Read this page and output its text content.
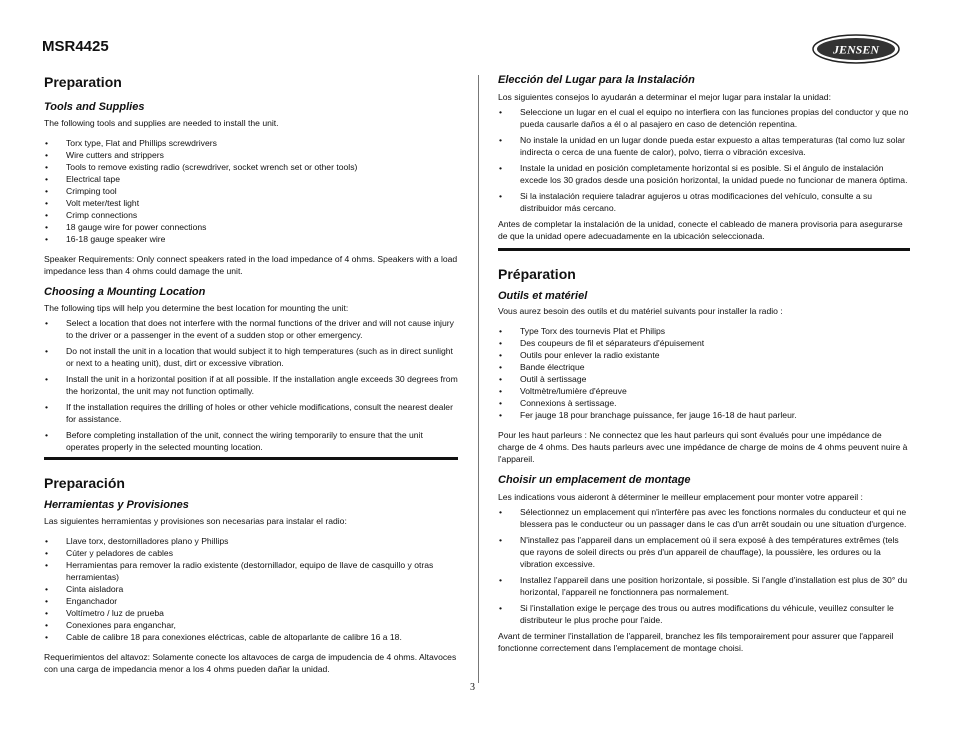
MSR4425	JENSEN
Preparation
Tools and Supplies

The following tools and supplies are needed to install the unit.

• Torx type, Flat and Phillips screwdrivers
• Wire cutters and strippers
• Tools to remove existing radio (screwdriver, socket wrench set or other tools)
• Electrical tape
• Crimping tool
• Volt meter/test light
• Crimp connections
• 18 gauge wire for power connections
• 16-18 gauge speaker wire

Speaker Requirements: Only connect speakers rated in the load impedance of 4 ohms. Speakers with a load impedance less than 4 ohms could damage the unit.

Choosing a Mounting Location

The following tips will help you determine the best location for mounting the unit:

• Select a location that does not interfere with the normal functions of the driver and will not cause injury to the driver or a passenger in the event of a sudden stop or other emergency.
• Do not install the unit in a location that would subject it to high temperatures (such as in direct sunlight or next to a heating unit), dust, dirt or excessive vibration.
• Install the unit in a horizontal position if at all possible. If the installation angle exceeds 30 degrees from the horizontal, the unit may not function optimally.
• If the installation requires the drilling of holes or other vehicle modifications, consult the nearest dealer for assistance.
• Before completing installation of the unit, connect the wiring temporarily to ensure that the unit operates properly in the selected mounting location.
Preparación
Herramientas y Provisiones

Las siguientes herramientas y provisiones son necesarias para instalar el radio:

• Llave torx, destornilladores plano y Phillips
• Cúter y peladores de cables
• Herramientas para remover la radio existente (destornillador, equipo de llave de casquillo y otras herramientas)
• Cinta aisladora
• Enganchador
• Voltímetro / luz de prueba
• Conexiones para enganchar,
• Cable de calibre 18 para conexiones eléctricas, cable de altoparlante de calibre 16 a 18.

Requerimientos del altavoz: Solamente conecte los altavoces de carga de impudencia de 4 ohms. Altavoces con una carga de impedancia menor a los 4 ohms pueden dañar la unidad.

Elección del Lugar para la Instalación

Los siguientes consejos lo ayudarán a determinar el mejor lugar para instalar la unidad:

• Seleccione un lugar en el cual el equipo no interfiera con las funciones propias del conductor y que no pueda causarle daños a él o al pasajero en caso de detención repentina.
• No instale la unidad en un lugar donde pueda estar expuesto a altas temperaturas (tal como luz solar indirecta o cerca de una fuente de calor), polvo, tierra o vibración excesiva.
• Instale la unidad en posición completamente horizontal si es posible. Si el ángulo de instalación excede los 30 grados desde una posición horizontal, la unidad puede no funcionar de manera óptima.
• Si la instalación requiere taladrar agujeros u otras modificaciones del vehículo, consulte a su distribuidor más cercano.

Antes de completar la instalación de la unidad, conecte el cableado de manera provisoria para asegurarse de que la unidad opere adecuadamente en la ubicación seleccionada.

Préparation
Outils et matériel

Vous aurez besoin des outils et du matériel suivants pour installer la radio :

• Type Torx des tournevis Plat et Philips
• Des coupeurs de fil et séparateurs d'épuisement
• Outils pour enlever la radio existante
• Bande électrique
• Outil à sertissage
• Voltmètre/lumière d'épreuve
• Connexions à sertissage.
• Fer jauge 18 pour branchage puissance, fer jauge 16-18 de haut parleur.

Pour les haut parleurs : Ne connectez que les haut parleurs qui sont évalués pour une impédance de charge de 4 ohms. Des hauts parleurs avec une impédance de charge de moins de 4 ohms peuvent nuire à l'appareil.

Choisir un emplacement de montage

Les indications vous aideront à déterminer le meilleur emplacement pour monter votre appareil :

• Sélectionnez un emplacement qui n'interfère pas avec les fonctions normales du conducteur et qui ne blessera pas le conducteur ou un passager dans le cas d'un arrêt soudain ou une situation d'urgence.
• N'installez pas l'appareil dans un emplacement où il sera exposé à des températures extrêmes (tels que rayons de soleil directs ou près d'un appareil de chauffage), la poussière, les ordures ou la vibration excessive.
• Installez l'appareil dans une position horizontale, si possible. Si l'angle d'installation est plus de 30° du horizontal, l'appareil ne fonctionnera pas normalement.
• Si l'installation exige le perçage des trous ou autres modifications du véhicule, veuillez consulter le distributeur le plus proche pour l'aide.

Avant de terminer l'installation de l'appareil, branchez les fils temporairement pour assurer que l'appareil fonctionne correctement dans l'emplacement de montage choisi.

3
